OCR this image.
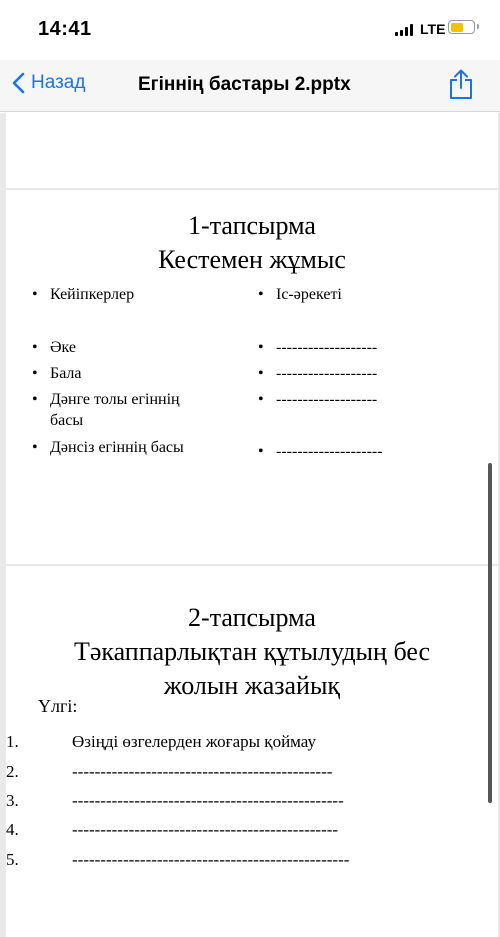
14:41	LTE
Назад	Егіннің бастары 2.pptx
1-тапсырма
Кестемен жұмыс
• Кейіпкерлер
•	Іс-әрекеті
• Әке
• Бала
• Дәнге толы егіннің
басы
• Дәнсіз егіннің басы
• -------------------
• -------------------
• -------------------
• --------------------
2-тапсырма
Тәкаппарлықтан құтылудың бес
жолын жазайық
Үлгі:
1.
2.
3.
4.
5.
Өзіңді өзгелерден жоғары қоймау
----------------------------------------------
------------------------------------------------
-----------------------------------------------
-------------------------------------------------
